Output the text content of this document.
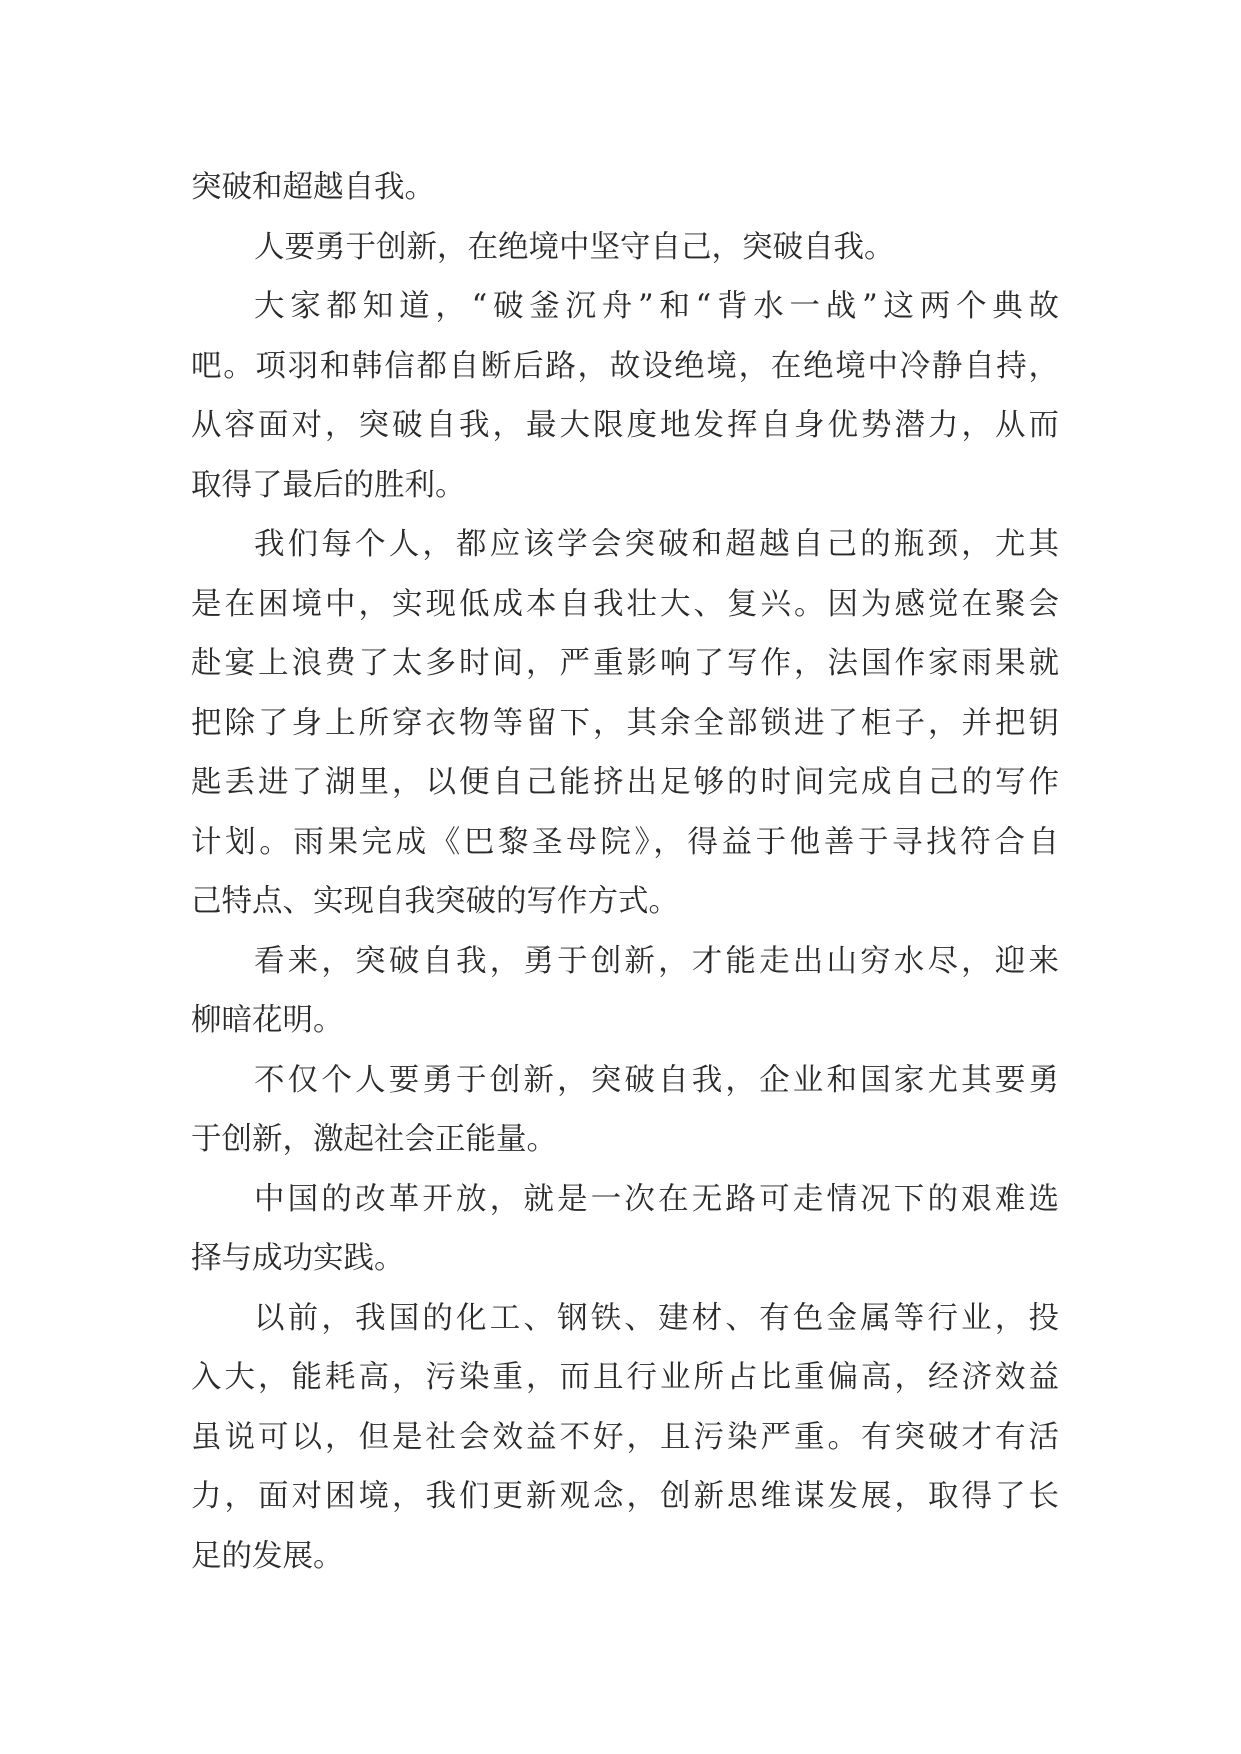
突破和超越自我。
人要勇于创新，在绝境中坚守自己，突破自我。
大家都知道，“破釜沉舟”和“背水一战”这两个典故
吧。项羽和韩信都自断后路，故设绝境，在绝境中冷静自持，
从容面对，突破自我，最大限度地发挥自身优势潜力，从而
取得了最后的胜利。
我们每个人，都应该学会突破和超越自己的瓶颈，尤其
是在困境中，实现低成本自我壮大、复兴。因为感觉在聚会
赴宴上浪费了太多时间，严重影响了写作，法国作家雨果就
把除了身上所穿衣物等留下，其余全部锁进了柜子，并把钥
匙丢进了湖里，以便自己能挤出足够的时间完成自己的写作
计划。雨果完成《巴黎圣母院》，得益于他善于寻找符合自
己特点、实现自我突破的写作方式。
看来，突破自我，勇于创新，才能走出山穷水尽，迎来
柳暗花明。
不仅个人要勇于创新，突破自我，企业和国家尤其要勇
于创新，激起社会正能量。
中国的改革开放，就是一次在无路可走情况下的艰难选
择与成功实践。
以前，我国的化工、钢铁、建材、有色金属等行业，投
入大，能耗高，污染重，而且行业所占比重偏高，经济效益
虽说可以，但是社会效益不好，且污染严重。有突破才有活
力，面对困境，我们更新观念，创新思维谋发展，取得了长
足的发展。
